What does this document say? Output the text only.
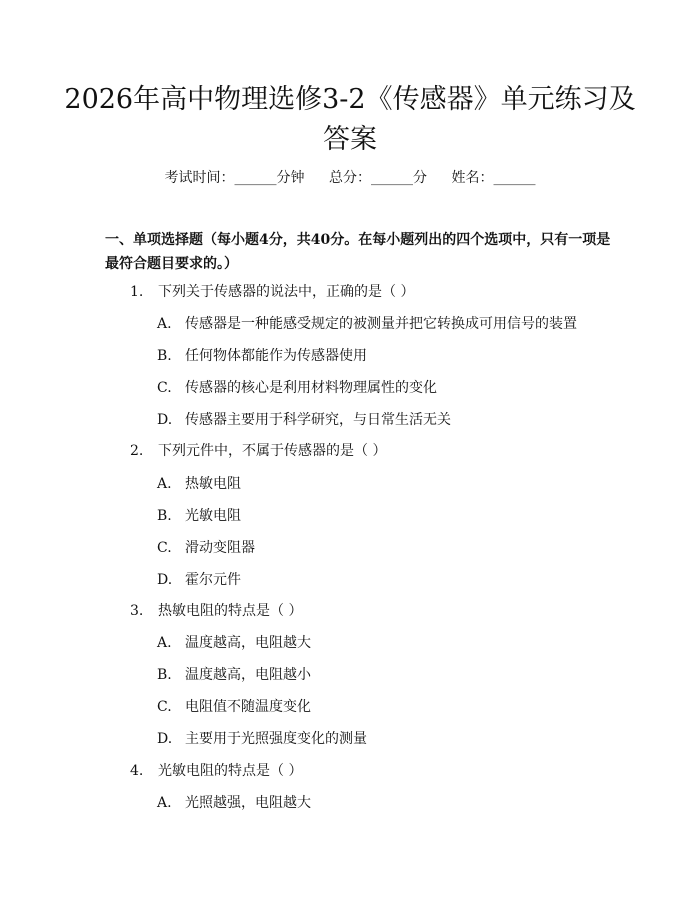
2026年高中物理选修3-2《传感器》单元练习及答案
考试时间：______分钟 总分：______分 姓名：______

一、单项选择题（每小题4分，共40分。在每小题列出的四个选项中，只有一项是最符合题目要求的。）

1. 下列关于传感器的说法中，正确的是（ ）
A. 传感器是一种能感受规定的被测量并把它转换成可用信号的装置
B. 任何物体都能作为传感器使用
C. 传感器的核心是利用材料物理属性的变化
D. 传感器主要用于科学研究，与日常生活无关
2. 下列元件中，不属于传感器的是（ ）
A. 热敏电阻
B. 光敏电阻
C. 滑动变阻器
D. 霍尔元件
3. 热敏电阻的特点是（ ）
A. 温度越高，电阻越大
B. 温度越高，电阻越小
C. 电阻值不随温度变化
D. 主要用于光照强度变化的测量
4. 光敏电阻的特点是（ ）
A. 光照越强，电阻越大
